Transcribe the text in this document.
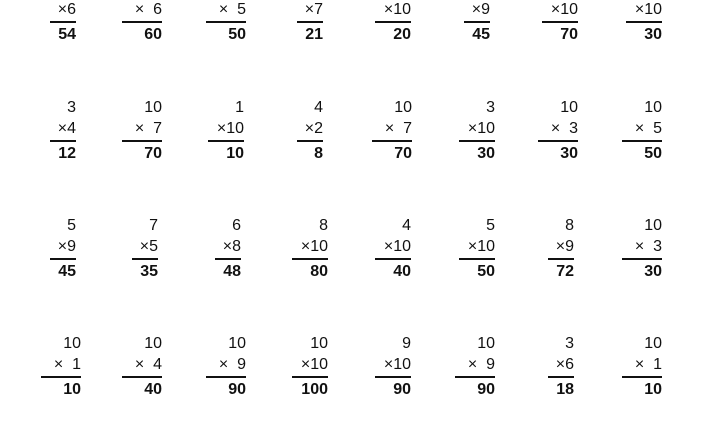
×6
54
×  6
60
×  5
50
×7
21
×10
20
×9
45
×10
70
×10
30
3
×4
12
10
×  7
70
1
×10
10
4
×2
8
10
×  7
70
3
×10
30
10
×  3
30
10
×  5
50
5
×9
45
7
×5
35
6
×8
48
8
×10
80
4
×10
40
5
×10
50
8
×9
72
10
×  3
30
10
×  1
10
10
×  4
40
10
×  9
90
10
×10
100
9
×10
90
10
×  9
90
3
×6
18
10
×  1
10
